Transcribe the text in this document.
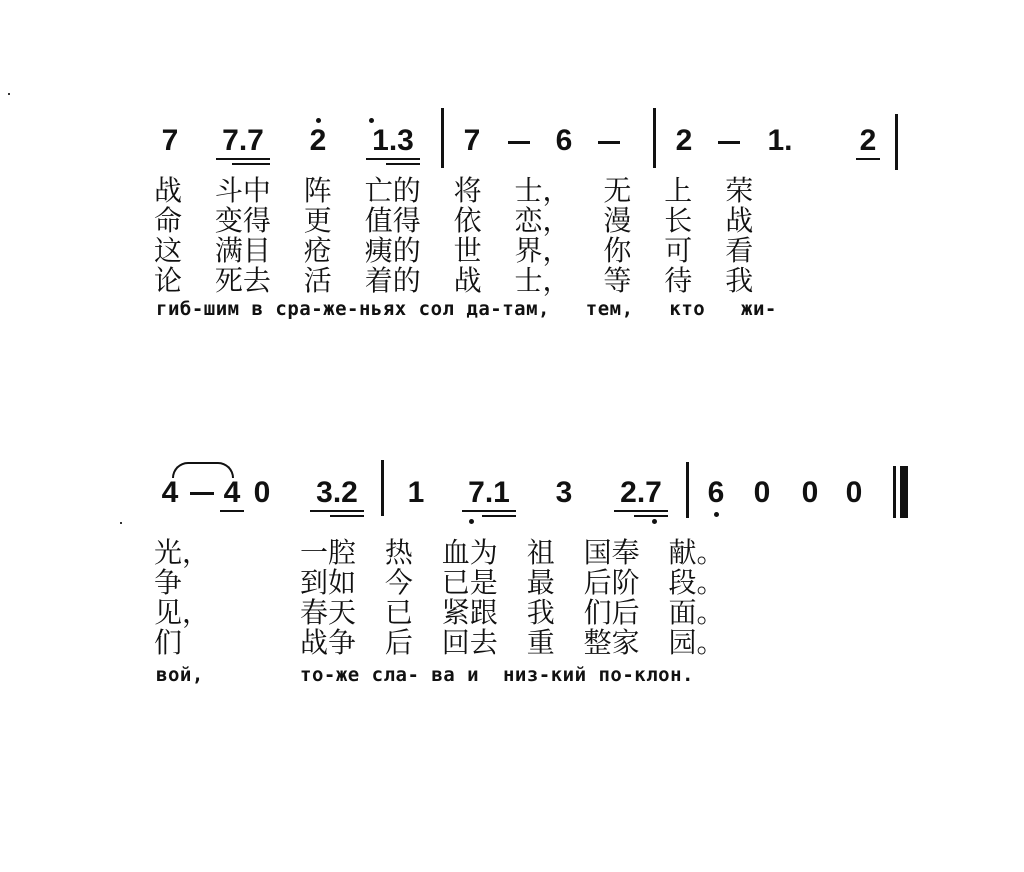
7 7.7 2 1.3 7	6	2	1. 2
战 斗中 阵 亡的 将 士， 无 上 荣
命 变得 更 值得 依 恋， 漫 长 战
这 满目 疮 痍的 世 界， 你 可 看
论 死去 活 着的 战 士， 等 待 我
гиб-шим в сра-же-ньях сол да-там,   тем,   кто   жи-
4 4 0 3.2 1 7.1 3 2.7 6 0 0 0
光，	一腔 热 血为 祖 国奉 献。
争	到如 今 已是 最 后阶 段。
见，	春天 已 紧跟 我 们后 面。
们	战争 后 回去 重 整家 园。
вой,	то-же сла- ва и  низ-кий по-клон.
